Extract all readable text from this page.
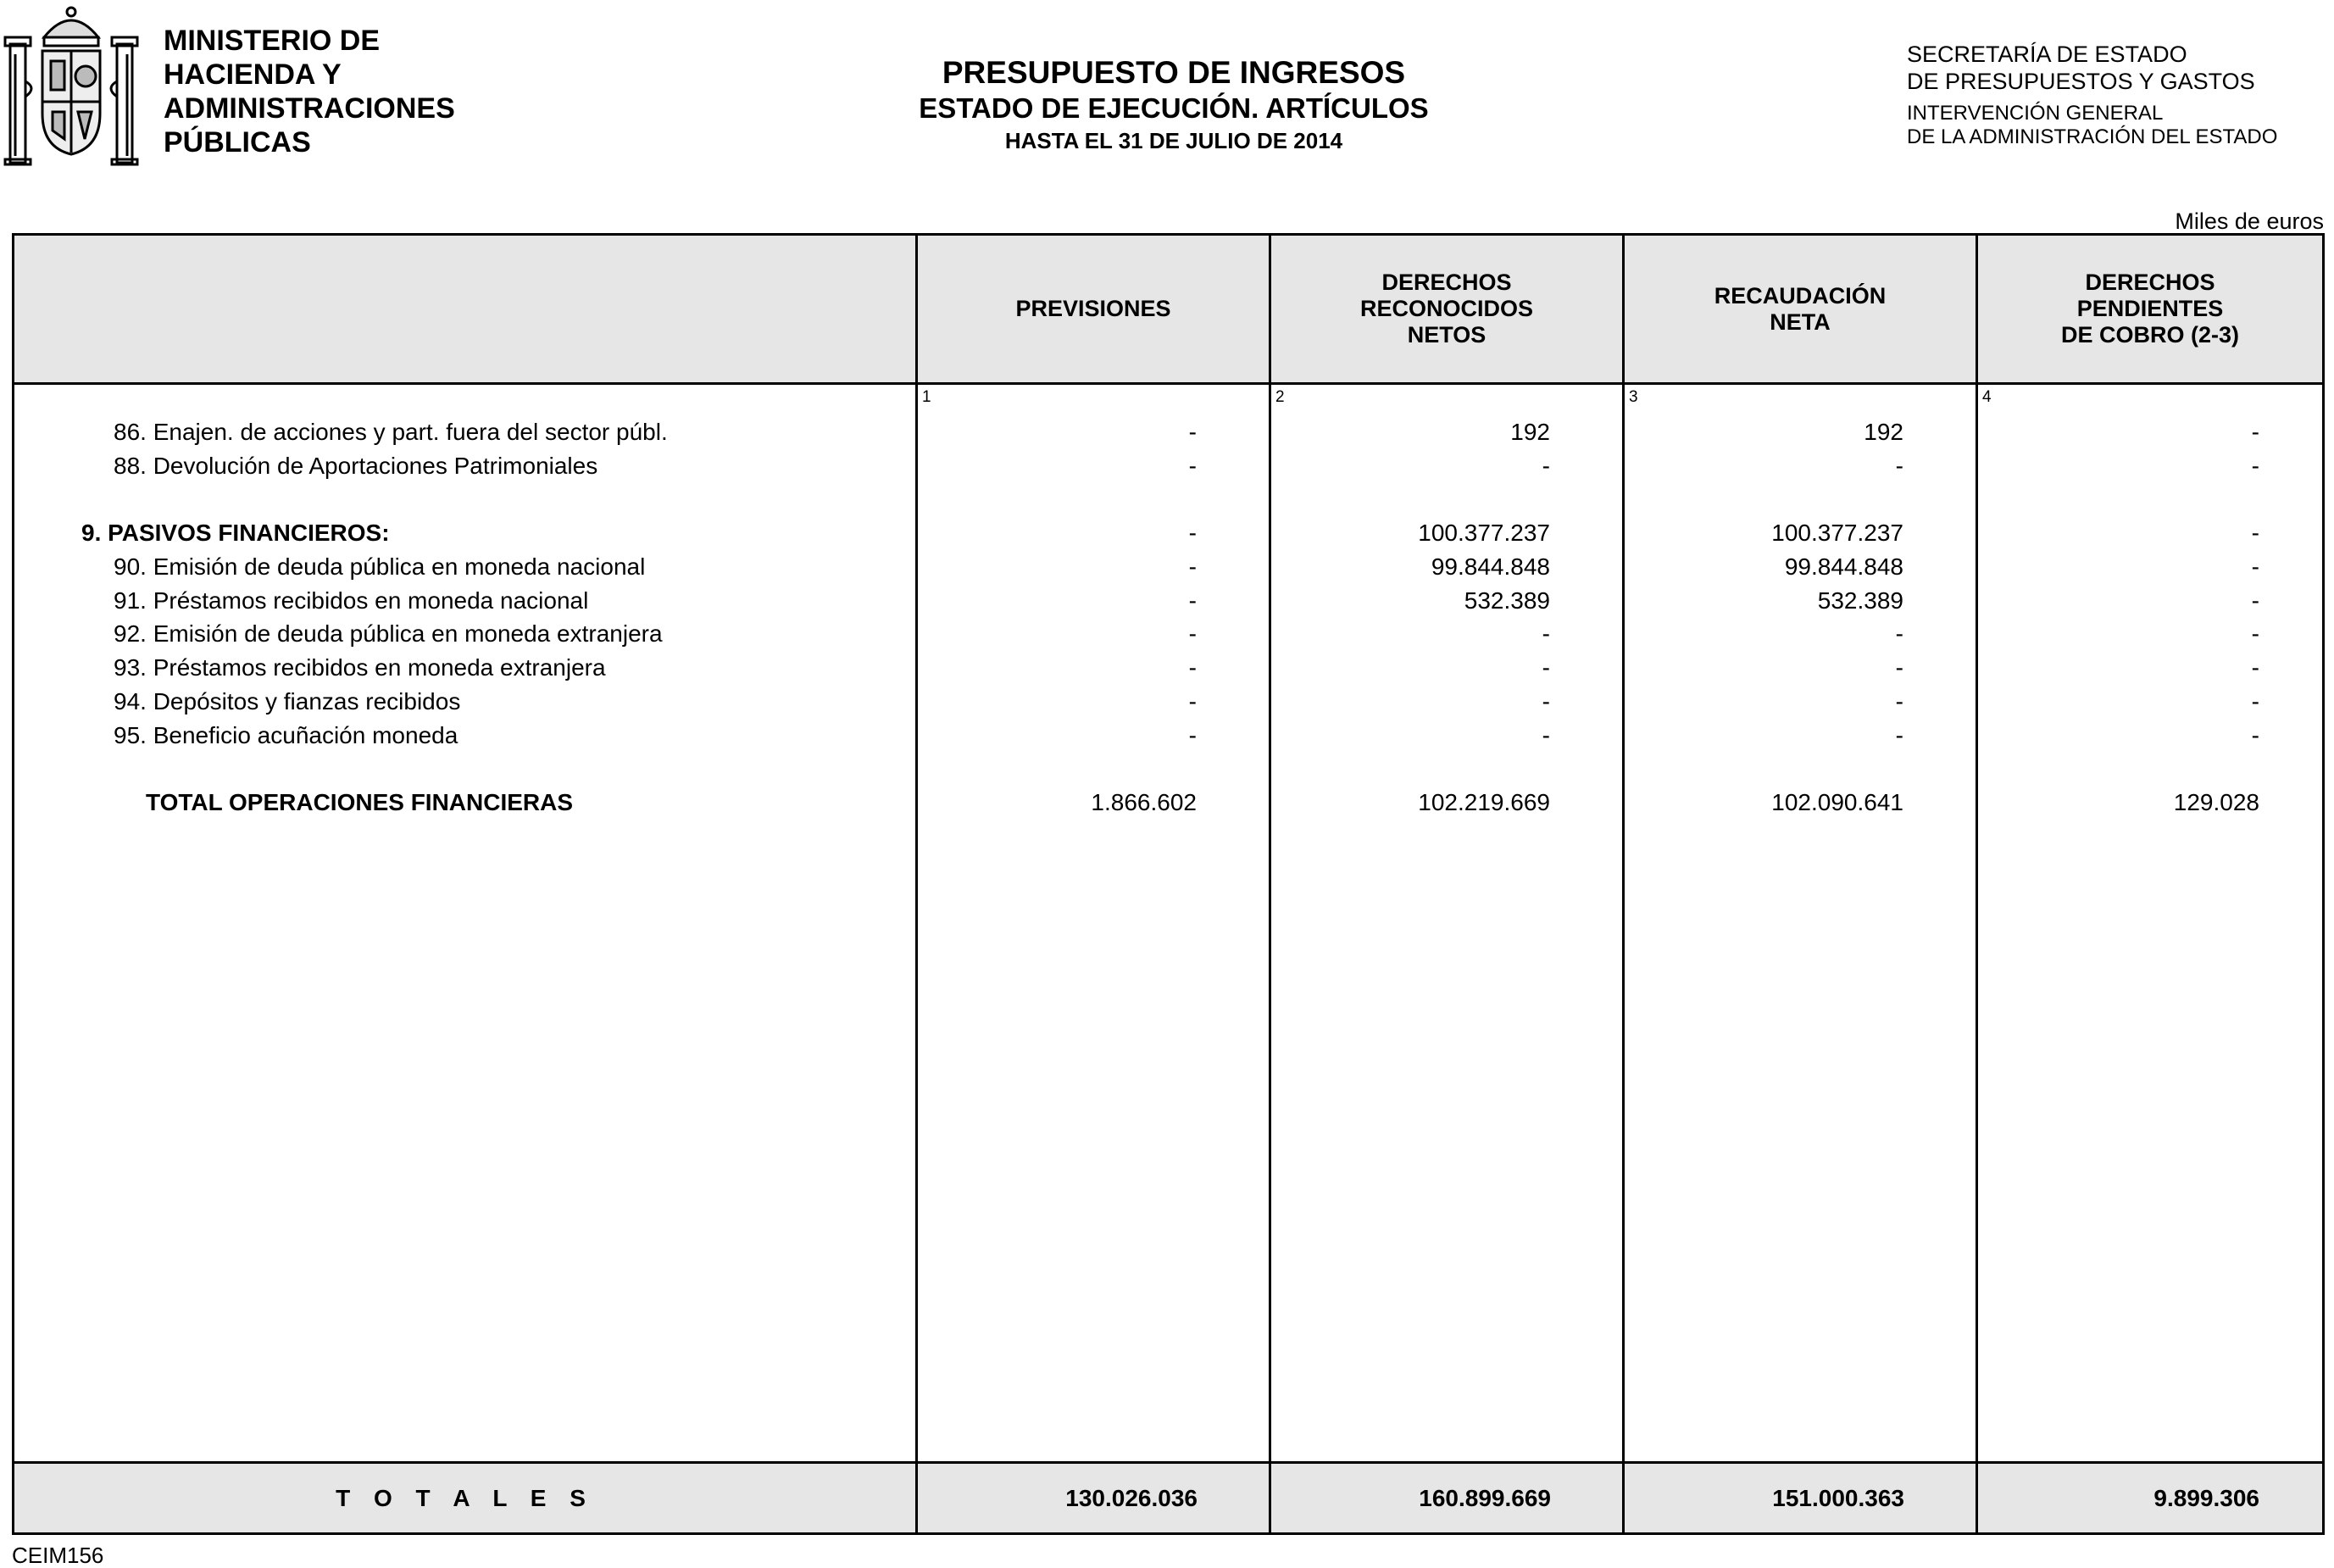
MINISTERIO DE
HACIENDA Y
ADMINISTRACIONES
PÚBLICAS
PRESUPUESTO DE INGRESOS
ESTADO DE EJECUCIÓN. ARTÍCULOS
HASTA EL 31 DE JULIO DE 2014
SECRETARÍA DE ESTADO
DE PRESUPUESTOS Y GASTOS
INTERVENCIÓN GENERAL
DE LA ADMINISTRACIÓN DEL ESTADO
Miles de euros
PREVISIONES
DERECHOS
RECONOCIDOS
NETOS
RECAUDACIÓN
NETA
DERECHOS
PENDIENTES
DE COBRO (2-3)
1	2	3	4
86. Enajen. de acciones y part. fuera del sector públ.	-	192	192	-
88. Devolución de Aportaciones Patrimoniales	-	-	-	-
9. PASIVOS FINANCIEROS:	-	100.377.237	100.377.237	-
90. Emisión de deuda pública en moneda nacional	-	99.844.848	99.844.848	-
91. Préstamos recibidos en moneda nacional	-	532.389	532.389	-
92. Emisión de deuda pública en moneda extranjera	-	-	-	-
93. Préstamos recibidos en moneda extranjera	-	-	-	-
94. Depósitos y fianzas recibidos	-	-	-	-
95. Beneficio acuñación moneda	-	-	-	-
TOTAL OPERACIONES FINANCIERAS	1.866.602	102.219.669	102.090.641	129.028
T O T A L E S	130.026.036	160.899.669	151.000.363	9.899.306
CEIM156
